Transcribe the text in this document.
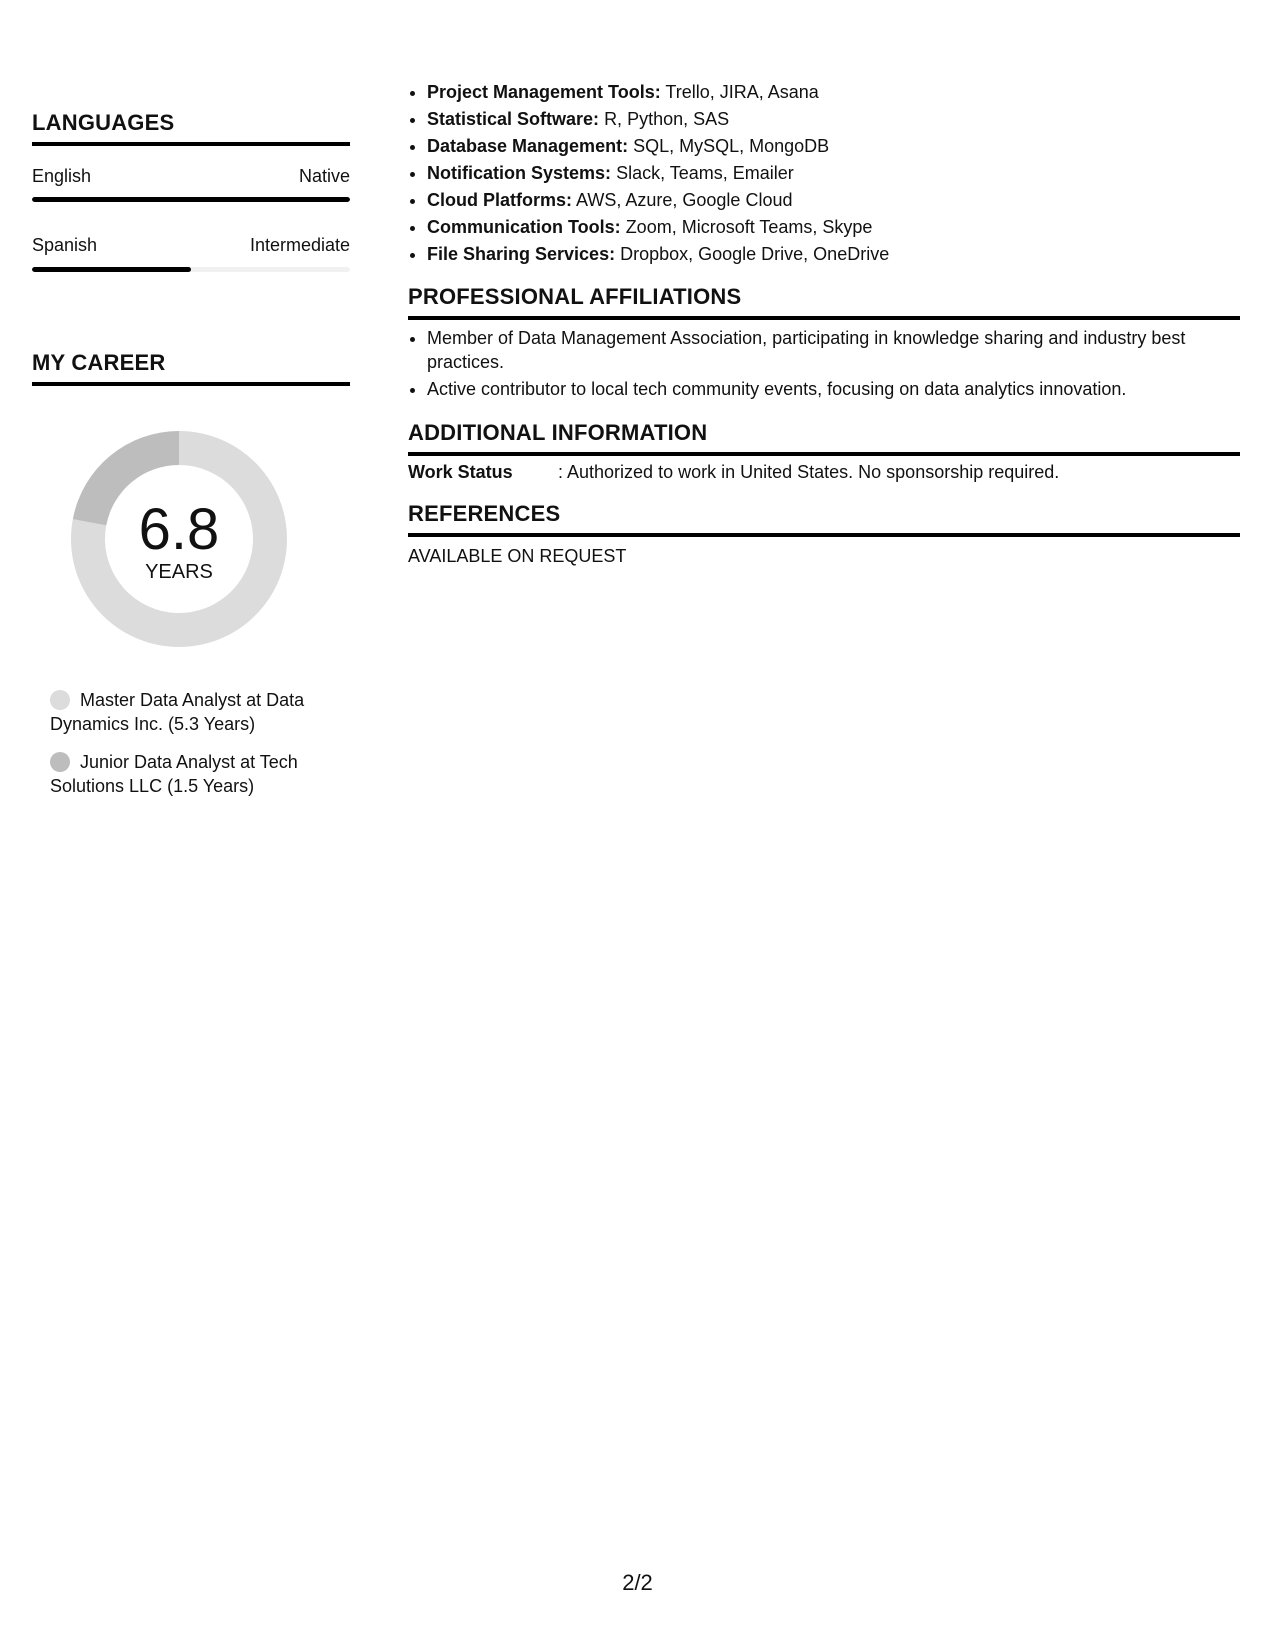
LANGUAGES
English	Native
Spanish	Intermediate
MY CAREER
6.8
YEARS
Master Data Analyst at Data Dynamics Inc. (5.3 Years)
Junior Data Analyst at Tech Solutions LLC (1.5 Years)
• Project Management Tools: Trello, JIRA, Asana
• Statistical Software: R, Python, SAS
• Database Management: SQL, MySQL, MongoDB
• Notification Systems: Slack, Teams, Emailer
• Cloud Platforms: AWS, Azure, Google Cloud
• Communication Tools: Zoom, Microsoft Teams, Skype
• File Sharing Services: Dropbox, Google Drive, OneDrive
PROFESSIONAL AFFILIATIONS
• Member of Data Management Association, participating in knowledge sharing and industry best practices.
• Active contributor to local tech community events, focusing on data analytics innovation.
ADDITIONAL INFORMATION
Work Status	: Authorized to work in United States. No sponsorship required.
REFERENCES
AVAILABLE ON REQUEST
2/2
